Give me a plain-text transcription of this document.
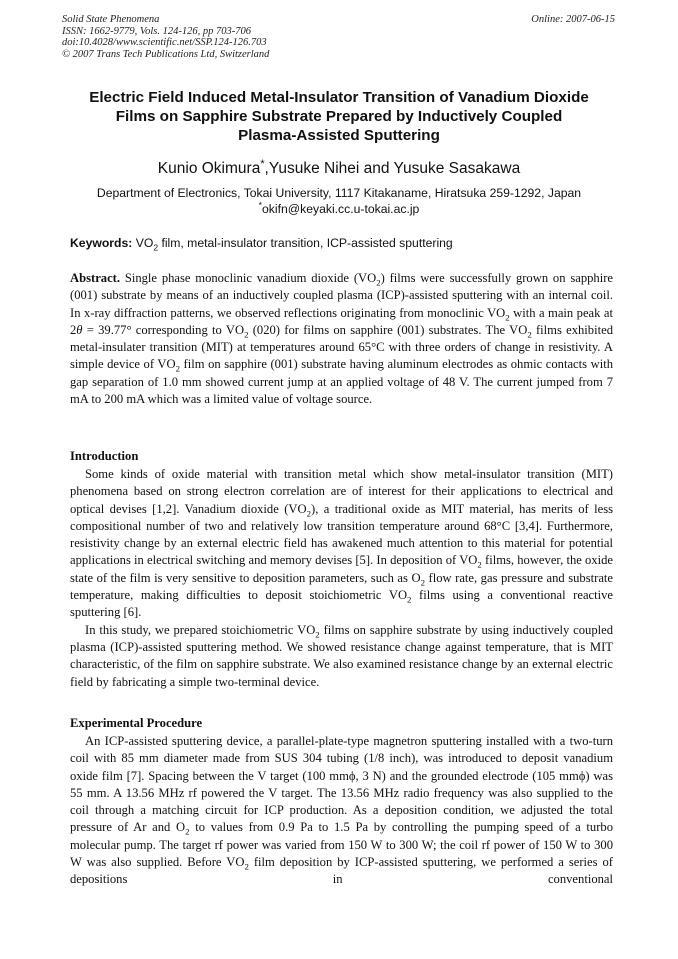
Solid State Phenomena
ISSN: 1662-9779, Vols. 124-126, pp 703-706
doi:10.4028/www.scientific.net/SSP.124-126.703
© 2007 Trans Tech Publications Ltd, Switzerland
Online: 2007-06-15
Electric Field Induced Metal-Insulator Transition of Vanadium Dioxide
Films on Sapphire Substrate Prepared by Inductively Coupled
Plasma-Assisted Sputtering
Kunio Okimura*,Yusuke Nihei and Yusuke Sasakawa
Department of Electronics, Tokai University, 1117 Kitakaname, Hiratsuka 259-1292, Japan
*okifn@keyaki.cc.u-tokai.ac.jp
Keywords: $VO_2$ film, metal-insulator transition, ICP-assisted sputtering

Abstract. Single phase monoclinic vanadium dioxide $(VO_2)$ films were successfully grown on sapphire (001) substrate by means of an inductively coupled plasma (ICP)-assisted sputtering with an internal coil. In x-ray diffraction patterns, we observed reflections originating from monoclinic $VO_2$ with a main peak at 2θ = 39.77° corresponding to $VO_2$ (020) for films on sapphire (001) substrates. The $VO_2$ films exhibited metal-insulater transition (MIT) at temperatures around 65°C with three orders of change in resistivity. A simple device of $VO_2$ film on sapphire (001) substrate having aluminum electrodes as ohmic contacts with gap separation of 1.0 mm showed current jump at an applied voltage of 48 V. The current jumped from 7 mA to 200 mA which was a limited value of voltage source.

Introduction

Some kinds of oxide material with transition metal which show metal-insulator transition (MIT) phenomena based on strong electron correlation are of interest for their applications to electrical and optical devises [1,2]. Vanadium dioxide $(VO_2)$, a traditional oxide as MIT material, has merits of less compositional number of two and relatively low transition temperature around 68°C [3,4]. Furthermore, resistivity change by an external electric field has awakened much attention to this material for potential applications in electrical switching and memory devises [5]. In deposition of $VO_2$ films, however, the oxide state of the film is very sensitive to deposition parameters, such as $O_2$ flow rate, gas pressure and substrate temperature, making difficulties to deposit stoichiometric $VO_2$ films using a conventional reactive sputtering [6].

In this study, we prepared stoichiometric $VO_2$ films on sapphire substrate by using inductively coupled plasma (ICP)-assisted sputtering method. We showed resistance change against temperature, that is MIT characteristic, of the film on sapphire substrate. We also examined resistance change by an external electric field by fabricating a simple two-terminal device.

Experimental Procedure

An ICP-assisted sputtering device, a parallel-plate-type magnetron sputtering installed with a two-turn coil with 85 mm diameter made from SUS 304 tubing (1/8 inch), was introduced to deposit vanadium oxide film [7]. Spacing between the V target (100 mmϕ, 3 N) and the grounded electrode (105 mmϕ) was 55 mm. A 13.56 MHz rf powered the V target. The 13.56 MHz radio frequency was also supplied to the coil through a matching circuit for ICP production. As a deposition condition, we adjusted the total pressure of Ar and $O_2$ to values from 0.9 Pa to 1.5 Pa by controlling the pumping speed of a turbo molecular pump. The target rf power was varied from 150 W to 300 W; the coil rf power of 150 W to 300 W was also supplied. Before $VO_2$ film deposition by ICP-assisted sputtering, we performed a series of depositions in conventional
